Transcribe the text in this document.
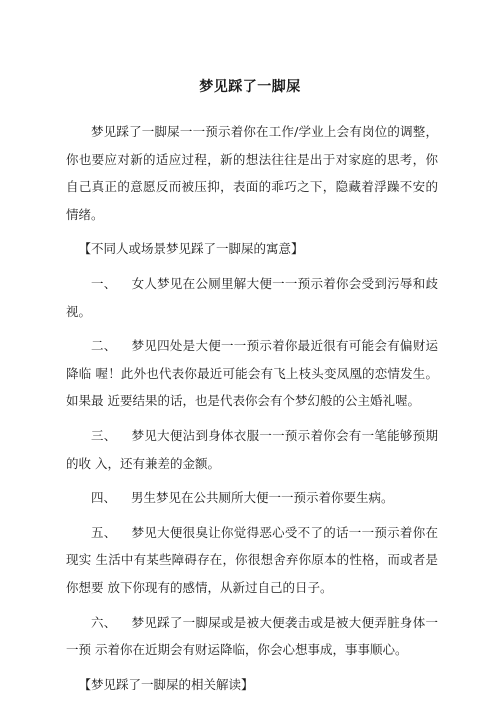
梦见踩了一脚屎

梦见踩了一脚屎一一预示着你在工作/学业上会有岗位的调整，你也要应对新的适应过程，新的想法往往是出于对家庭的思考，你自己真正的意愿反而被压抑，表面的乖巧之下，隐藏着浮躁不安的情绪。

【不同人或场景梦见踩了一脚屎的寓意】

一、 女人梦见在公厕里解大便一一预示着你会受到污辱和歧视。

二、 梦见四处是大便一一预示着你最近很有可能会有偏财运降临 喔！此外也代表你最近可能会有飞上枝头变凤凰的恋情发生。如果最 近要结果的话，也是代表你会有个梦幻般的公主婚礼喔。

三、 梦见大便沾到身体衣服一一预示着你会有一笔能够预期的收 入，还有兼差的金额。

四、 男生梦见在公共厕所大便一一预示着你要生病。

五、 梦见大便很臭让你觉得恶心受不了的话一一预示着你在现实 生活中有某些障碍存在，你很想舍弃你原本的性格，而或者是你想要 放下你现有的感情，从新过自己的日子。

六、 梦见踩了一脚屎或是被大便袭击或是被大便弄脏身体一一预 示着你在近期会有财运降临，你会心想事成，事事顺心。

【梦见踩了一脚屎的相关解读】
